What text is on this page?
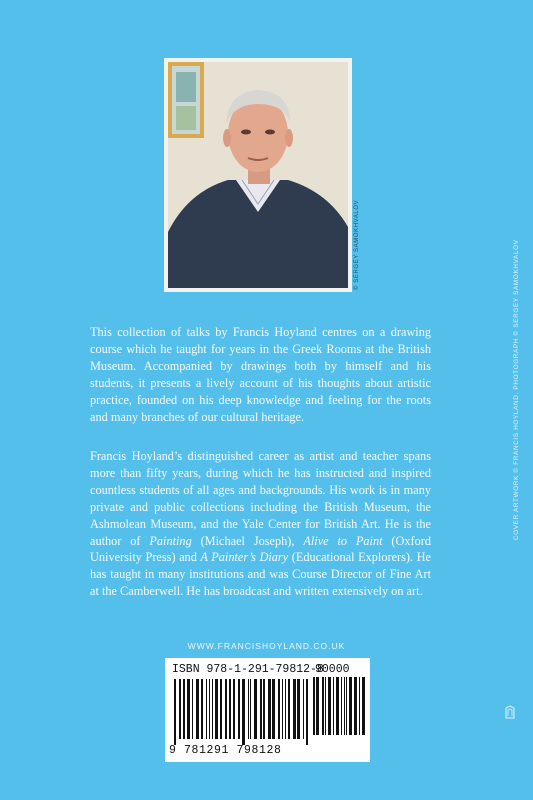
© SERGEY SAMOKHVALOV

This collection of talks by Francis Hoyland centres on a drawing course which he taught for years in the Greek Rooms at the British Museum. Accompanied by drawings both by himself and his students, it presents a lively account of his thoughts about artistic practice, founded on his deep knowledge and feeling for the roots and many branches of our cultural heritage.

Francis Hoyland’s distinguished career as artist and teacher spans more than fifty years, during which he has instructed and inspired countless students of all ages and backgrounds. His work is in many private and public collections including the British Museum, the Ashmolean Museum, and the Yale Center for British Art. He is the author of Painting (Michael Joseph), Alive to Paint (Oxford University Press) and A Painter’s Diary (Educational Explorers). He has taught in many institutions and was Course Director of Fine Art at the Camberwell. He has broadcast and written extensively on art.

COVER ARTWORK © FRANCIS HOYLAND. PHOTOGRAPH © SERGEY SAMOKHVALOV
WWW.FRANCISHOYLAND.CO.UK
ISBN 978-1-291-79812-8
90000
9 781291 798128
